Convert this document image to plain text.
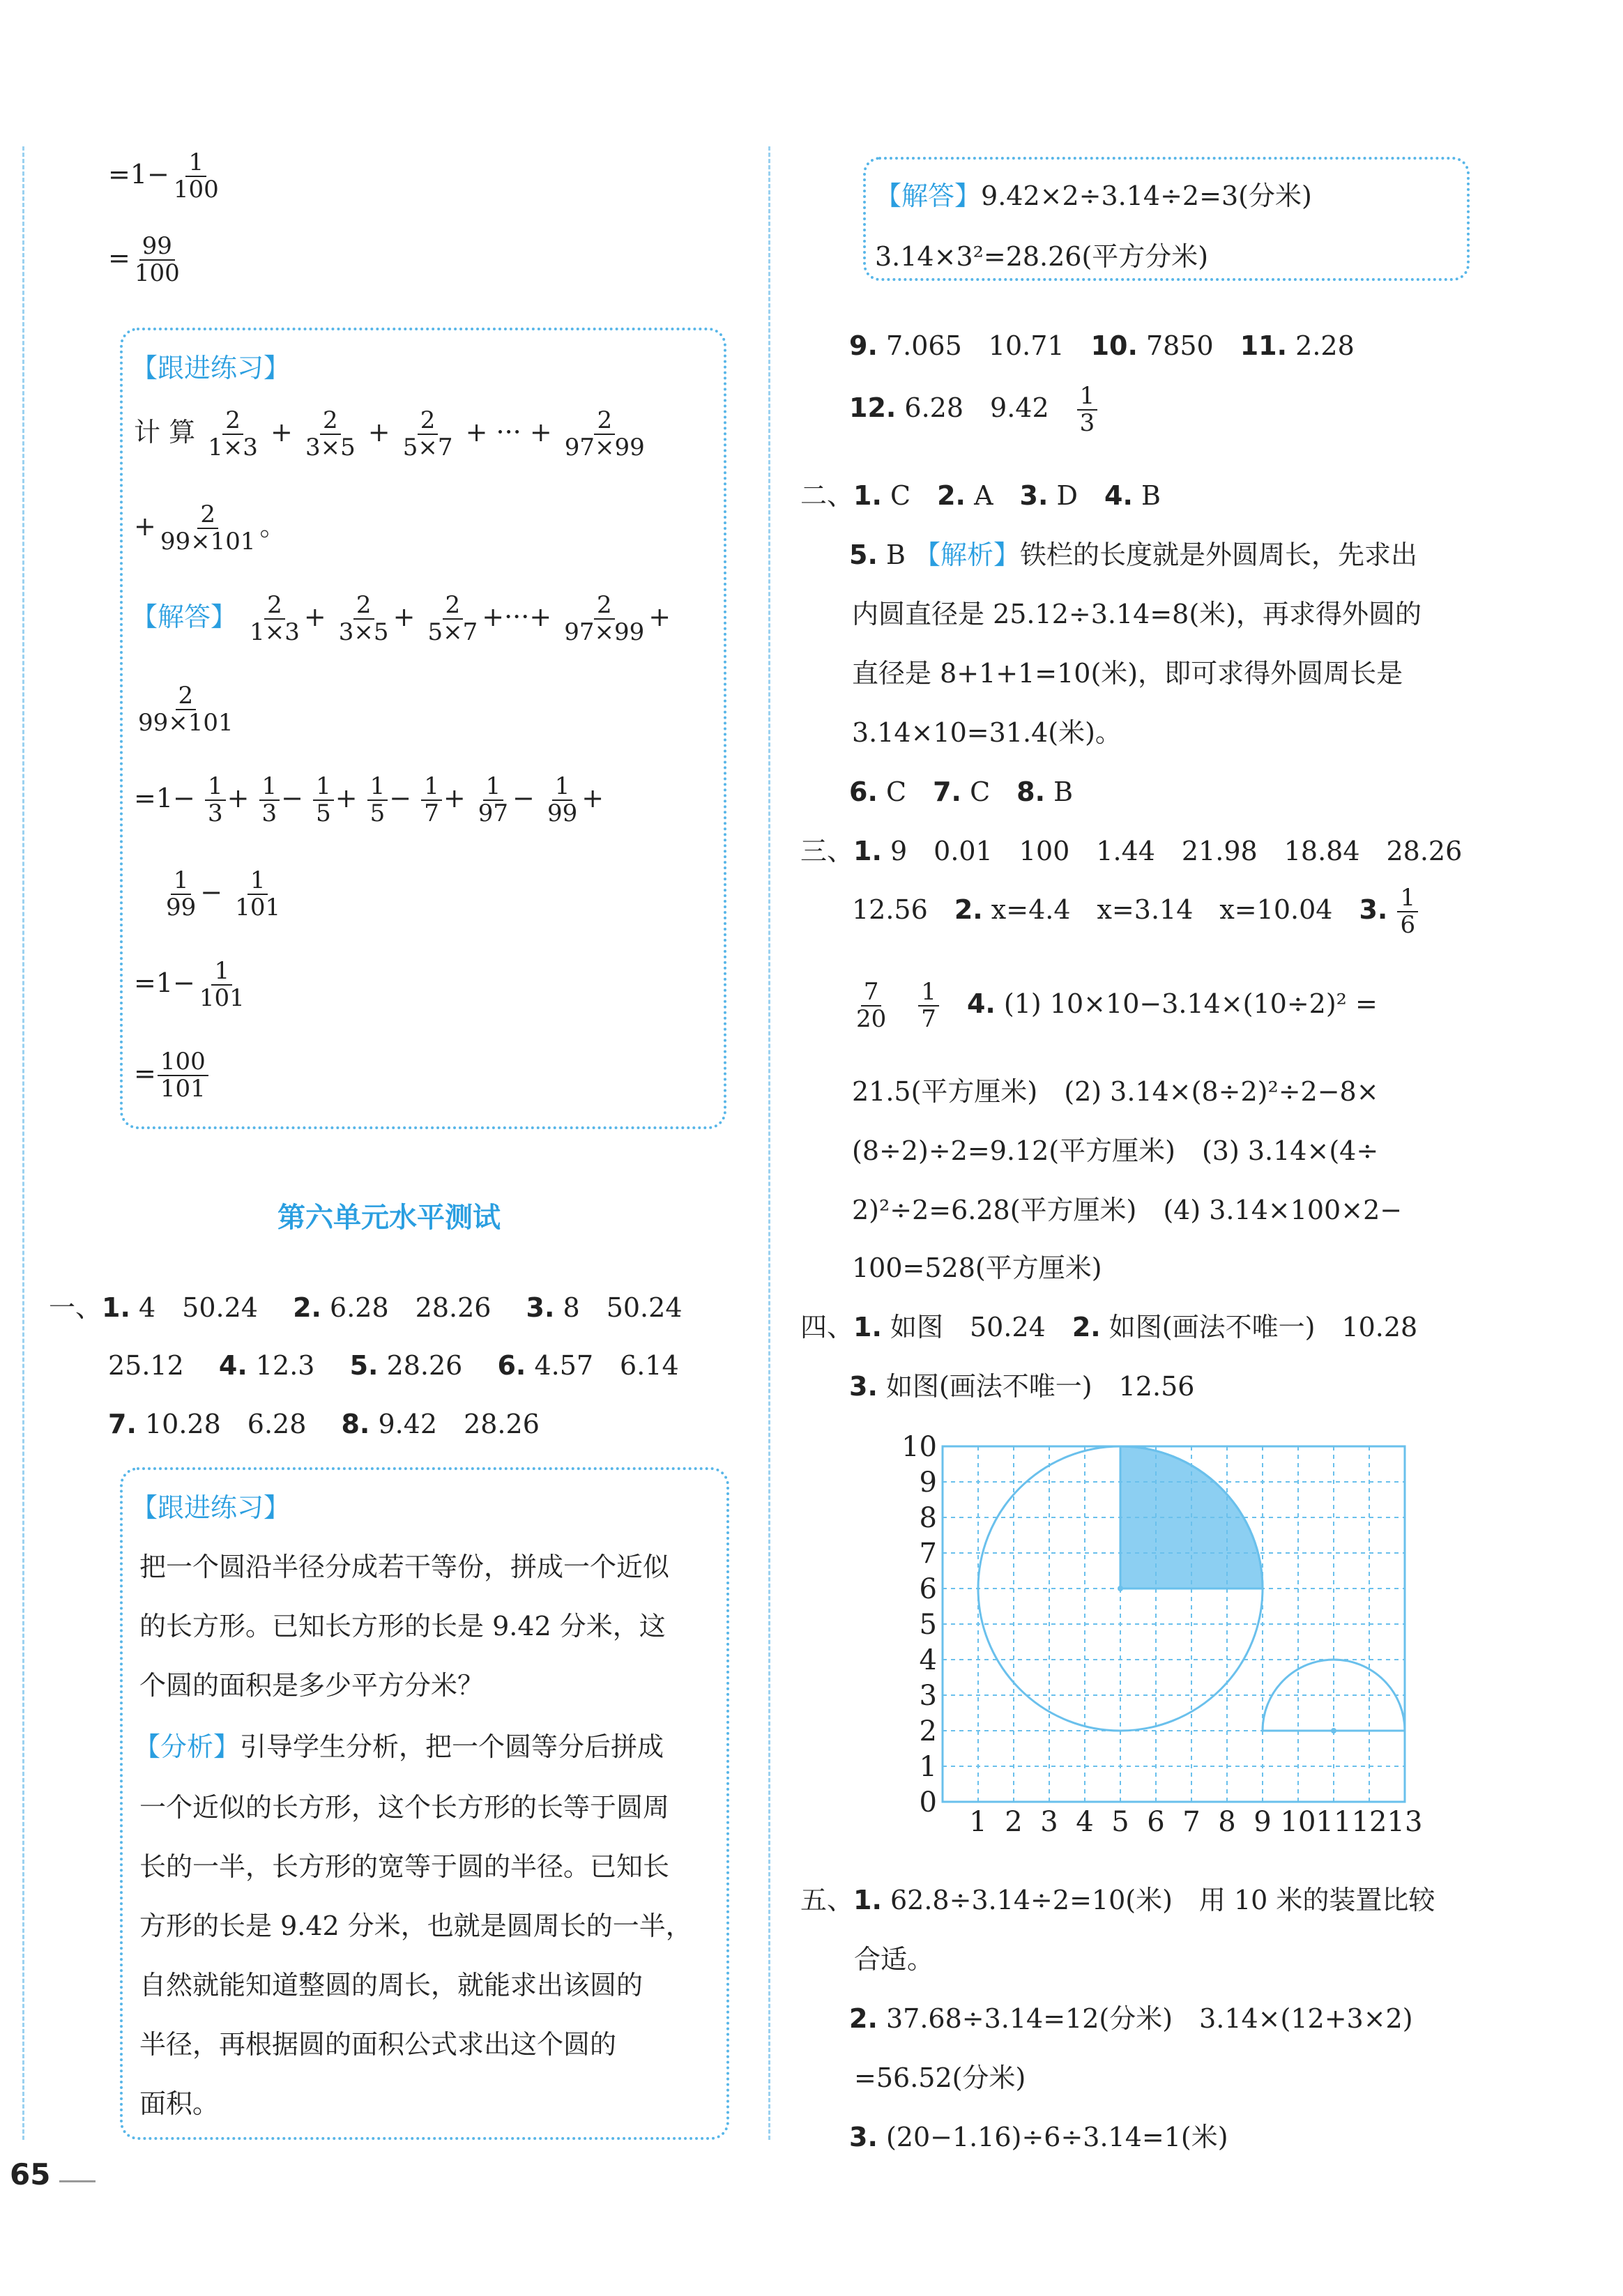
$=1- \frac{1}{100}$
= $\frac{99}{100}$
【跟进练习】
计 算 $\frac{2}{1\times 3} + \frac{2}{3\times 5} + \frac{2}{5\times 7}$ + ··· + $\frac{2}{97\times 99}$
+ $\frac{2}{99\times 101}$ 。
【解答】 $\frac{2}{1\times 3} + \frac{2}{3\times 5} + \frac{2}{5\times 7}$ +···+ $\frac{2}{97\times 99}$ +
$\frac{2}{99\times 101}$
$=1- \frac{1}{3} + \frac{1}{3} - \frac{1}{5} + \frac{1}{5} - \frac{1}{7} + \frac{1}{97} - \frac{1}{99}$ +
$\frac{1}{99} - \frac{1}{101}$
$=1- \frac{1}{101}$
= $\frac{100}{101}$
第六单元水平测试
一、1. 4　50.24　 2. 6.28　28.26　 3. 8　50.24
25.12　 4. 12.3　 5. 28.26　 6. 4.57　6.14
7. 10.28　6.28　 8. 9.42　28.26
【跟进练习】
把一个圆沿半径分成若干等份，拼成一个近似
的长方形。已知长方形的长是 9.42 分米，这
个圆的面积是多少平方分米？
【分析】引导学生分析，把一个圆等分后拼成
一个近似的长方形，这个长方形的长等于圆周
长的一半，长方形的宽等于圆的半径。已知长
方形的长是 9.42 分米，也就是圆周长的一半，
自然就能知道整圆的周长，就能求出该圆的
半径，再根据圆的面积公式求出这个圆的
面积。
65
【解答】9.42×2÷3.14÷2=3(分米)
3.14×3²=28.26(平方分米)
9. 7.065　10.71　 10. 7850　 11. 2.28
12. 6.28　9.42　 $\frac{1}{3}$
二、1. C　 2. A　 3. D　 4. B
5. B 【解析】铁栏的长度就是外圆周长，先求出
内圆直径是 25.12÷3.14=8(米)，再求得外圆的
直径是 8+1+1=10(米)，即可求得外圆周长是
3.14×10=31.4(米)。
6. C　 7. C　 8. B
三、1. 9　0.01　100　1.44　21.98　18.84　28.26
12.56　 2. x=4.4　x=3.14　x=10.04　 3. $\frac{1}{6}$
$\frac{7}{20}$
　 $\frac{1}{7}$
　 4. (1) 10×10−3.14×(10÷2)² =
21.5(平方厘米)　(2) 3.14×(8÷2)²÷2−8×
(8÷2)÷2=9.12(平方厘米)　(3) 3.14×(4÷
2)²÷2=6.28(平方厘米)　(4) 3.14×100×2−
100=528(平方厘米)
四、1. 如图　50.24　 2. 如图(画法不唯一)　10.28
3. 如图(画法不唯一)　12.56
1 2 3 4 5 6 7 8 9 10 11 12 13
0
1
2
3
4
5
6
7
8
9
10
五、1. 62.8÷3.14÷2=10(米)　用 10 米的装置比较
合适。
2. 37.68÷3.14=12(分米)　3.14×(12+3×2)
=56.52(分米)
3. (20−1.16)÷6÷3.14=1(米)
